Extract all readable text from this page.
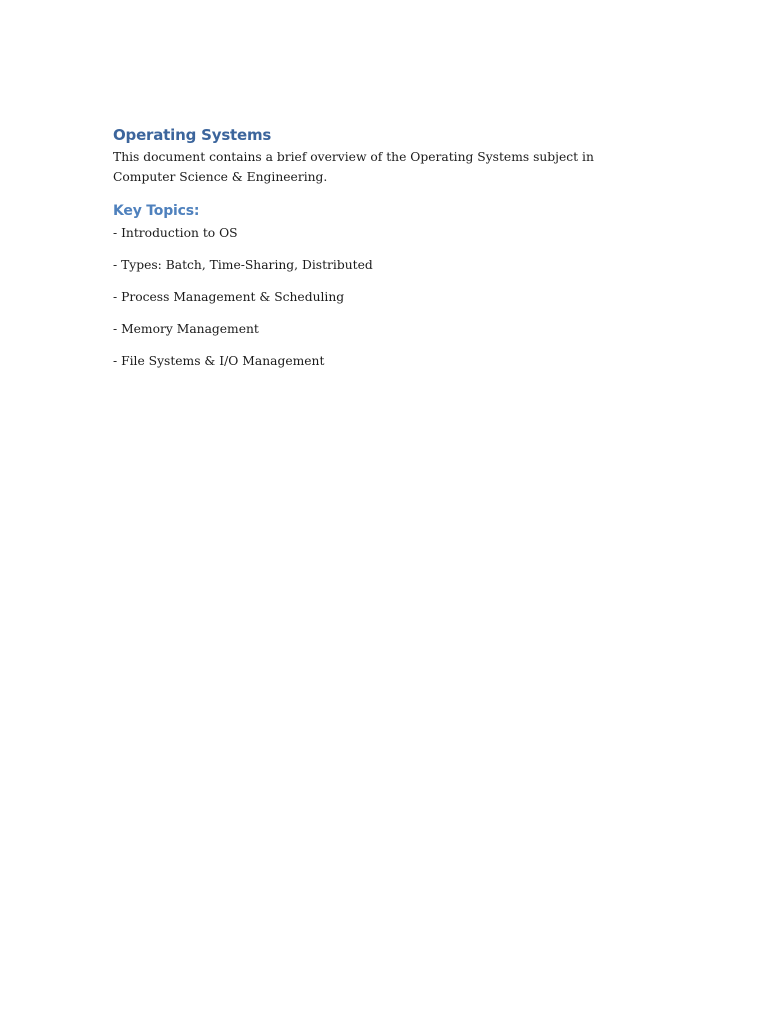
Operating Systems

This document contains a brief overview of the Operating Systems subject in Computer Science & Engineering.

Key Topics:
- Introduction to OS
- Types: Batch, Time-Sharing, Distributed
- Process Management & Scheduling
- Memory Management
- File Systems & I/O Management
